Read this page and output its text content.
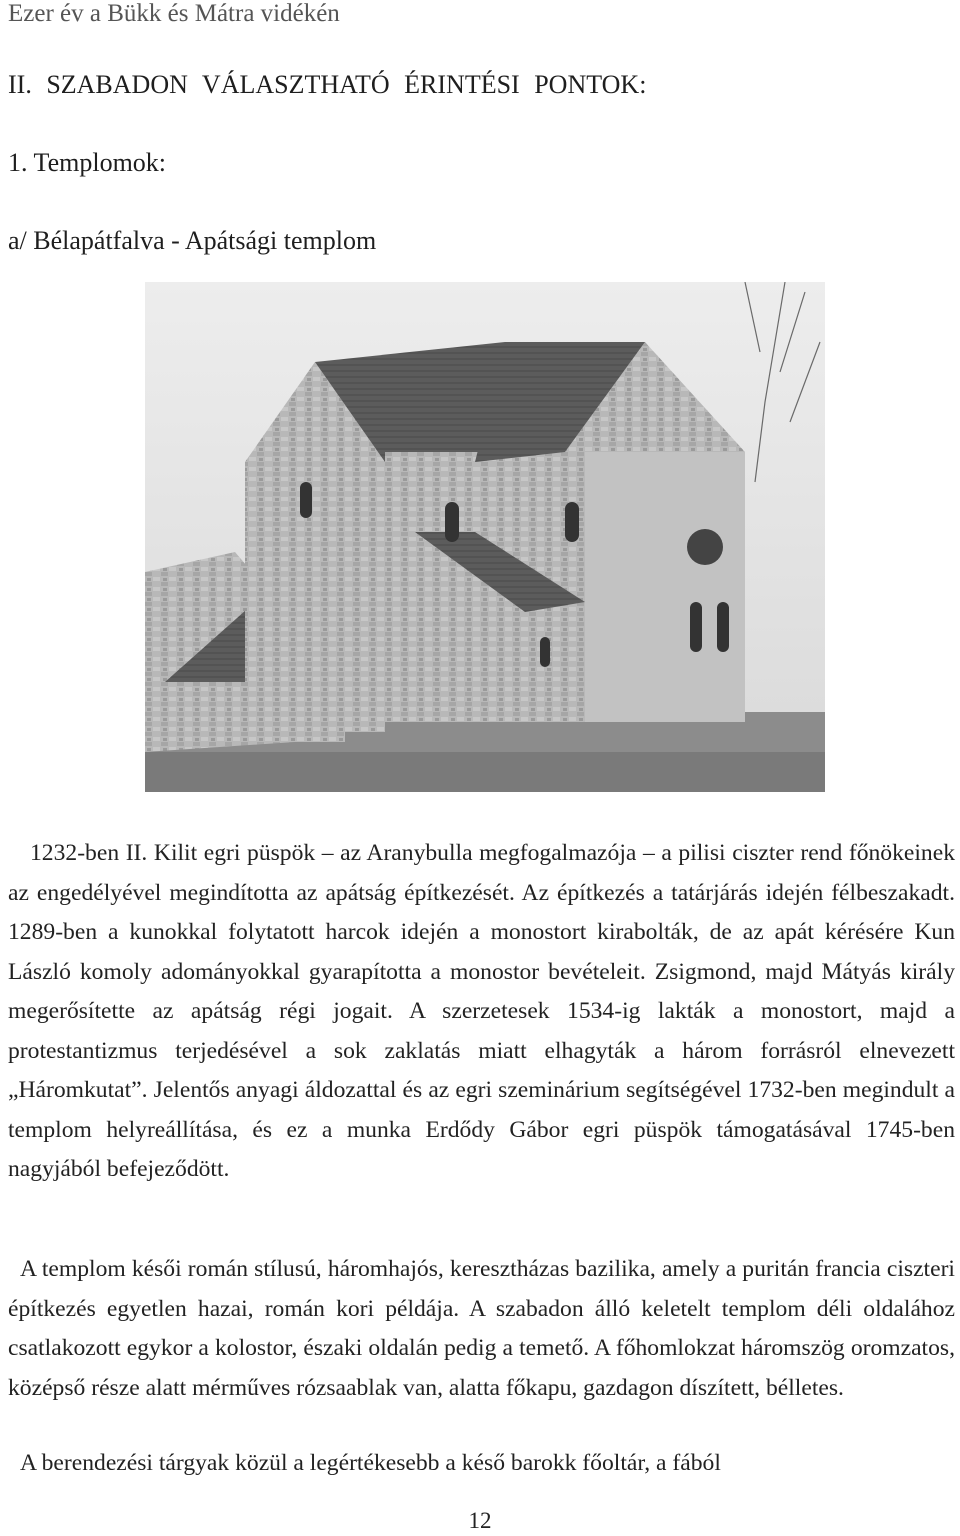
Ezer év a Bükk és Mátra vidékén
II. SZABADON VÁLASZTHATÓ ÉRINTÉSI PONTOK:
1. Templomok:
a/ Bélapátfalva - Apátsági templom
1232-ben II. Kilit egri püspök – az Aranybulla megfogalmazója – a pilisi ciszter rend főnökeinek az engedélyével megindította az apátság építkezését. Az építkezés a tatárjárás idején félbeszakadt. 1289-ben a kunokkal folytatott harcok idején a monostort kirabolták, de az apát kérésére Kun László komoly adományokkal gyarapította a monostor bevételeit. Zsigmond, majd Mátyás király megerősítette az apátság régi jogait. A szerzetesek 1534-ig lakták a monostort, majd a protestantizmus terjedésével a sok zaklatás miatt elhagyták a három forrásról elnevezett „Háromkutat”. Jelentős anyagi áldozattal és az egri szeminárium segítségével 1732-ben megindult a templom helyreállítása, és ez a munka Erdődy Gábor egri püspök támogatásával 1745-ben nagyjából befejeződött.
A templom késői román stílusú, háromhajós, keresztházas bazilika, amely a puritán francia ciszteri építkezés egyetlen hazai, román kori példája. A szabadon álló keletelt templom déli oldalához csatlakozott egykor a kolostor, északi oldalán pedig a temető. A főhomlokzat háromszög oromzatos, középső része alatt mérműves rózsaablak van, alatta főkapu, gazdagon díszített, bélletes.
A berendezési tárgyak közül a legértékesebb a késő barokk főoltár, a fából
12
